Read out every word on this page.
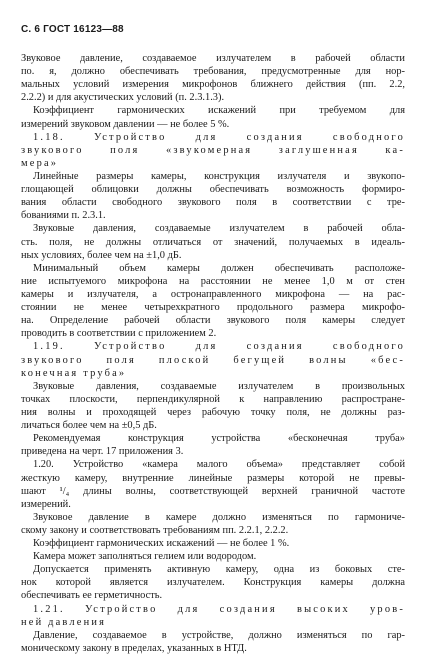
С. 6 ГОСТ 16123—88
Звуковое давление, создаваемое излучателем в рабочей области
по. я, должно обеспечивать требования, предусмотренные для нор-
мальных условий измерения микрофонов ближнего действия (пп. 2.2,
2.2.2) и для акустических условий (п. 2.3.1.3).
Коэффициент гармонических искажений при требуемом для
измерений звуковом давлении — не более 5 %.
1.18. Устройство для создания свободного
звукового поля «звукомерная заглушенная ка-
мера»
Линейные размеры камеры, конструкция излучателя и звукопо-
глощающей облицовки должны обеспечивать возможность формиро-
вания области свободного звукового поля в соответствии с тре-
бованиями п. 2.3.1.
Звуковые давления, создаваемые излучателем в рабочей обла-
сть. поля, не должны отличаться от значений, получаемых в идеаль-
ных условиях, более чем на ±1,0 дБ.
Минимальный объем камеры должен обеспечивать расположе-
ние испытуемого микрофона на расстоянии не менее 1,0 м от стен
камеры и излучателя, а остронаправленного микрофона — на рас-
стоянии не менее четырехкратного продольного размера микрофо-
на. Определение рабочей области звукового поля камеры следует
проводить в соответствии с приложением 2.
1.19. Устройство для создания свободного
звукового поля плоской бегущей волны «бес-
конечная труба»
Звуковые давления, создаваемые излучателем в произвольных
точках плоскости, перпендикулярной к направлению распростране-
ния волны и проходящей через рабочую точку поля, не должны раз-
личаться более чем на ±0,5 дБ.
Рекомендуемая конструкция устройства «бесконечная труба»
приведена на черт. 17 приложения 3.
1.20. Устройство «камера малого объема» представляет собой
жесткую камеру, внутренние линейные размеры которой не превы-
шают ¹/₄ длины волны, соответствующей верхней граничной частоте
измерений.
Звуковое давление в камере должно изменяться по гармониче-
скому закону и соответствовать требованиям пп. 2.2.1, 2.2.2.
Коэффициент гармонических искажений — не более 1 %.
Камера может заполняться гелием или водородом.
Допускается применять активную камеру, одна из боковых сте-
нок которой является излучателем. Конструкция камеры должна
обеспечивать ее герметичность.
1.21. Устройство для создания высоких уров-
ней давления
Давление, создаваемое в устройстве, должно изменяться по гар-
моническому закону в пределах, указанных в НТД.
